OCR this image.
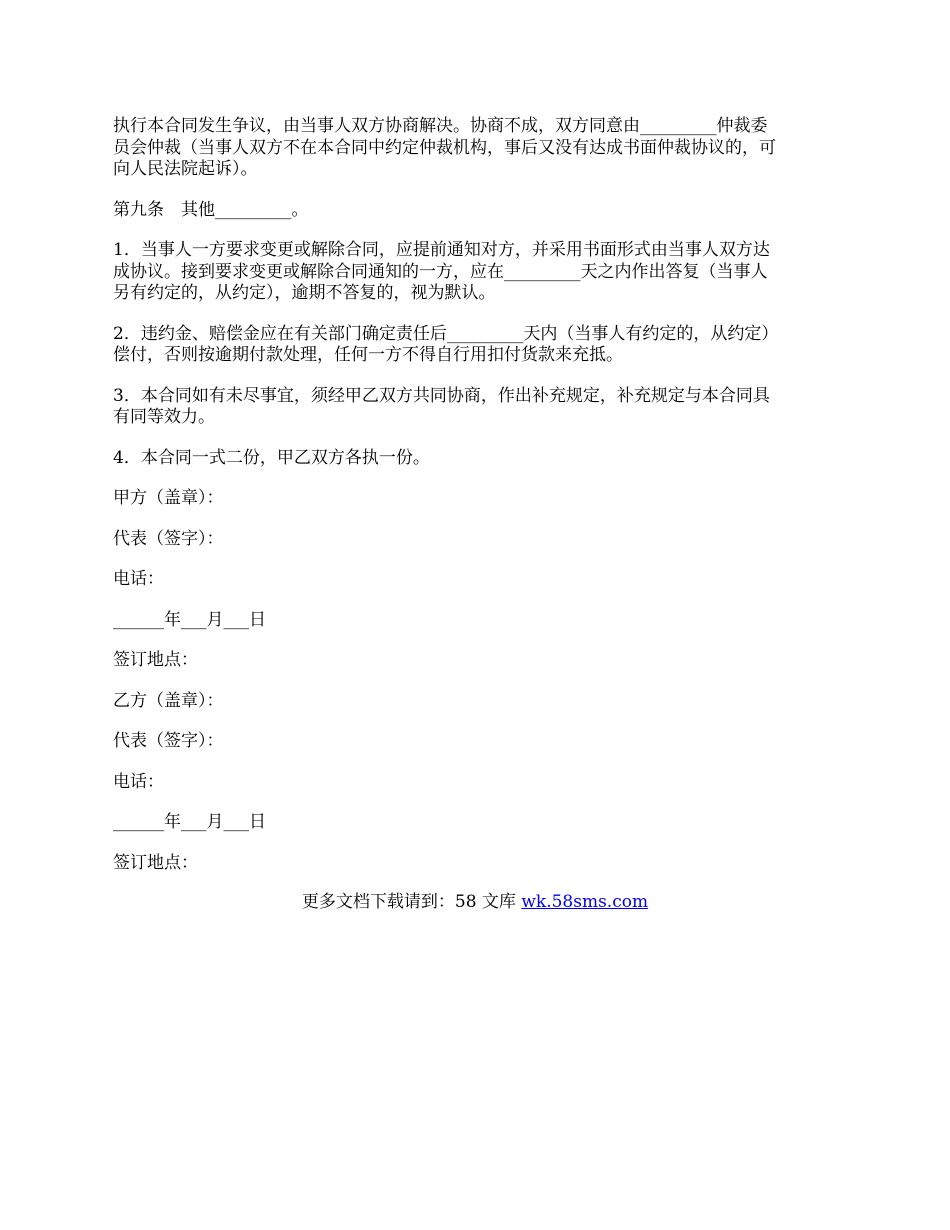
执行本合同发生争议，由当事人双方协商解决。协商不成，双方同意由_________仲裁委
员会仲裁（当事人双方不在本合同中约定仲裁机构，事后又没有达成书面仲裁协议的，可
向人民法院起诉）。

第九条　其他_________。

1．当事人一方要求变更或解除合同，应提前通知对方，并采用书面形式由当事人双方达
成协议。接到要求变更或解除合同通知的一方，应在_________天之内作出答复（当事人
另有约定的，从约定），逾期不答复的，视为默认。

2．违约金、赔偿金应在有关部门确定责任后_________天内（当事人有约定的，从约定）
偿付，否则按逾期付款处理，任何一方不得自行用扣付货款来充抵。

3．本合同如有未尽事宜，须经甲乙双方共同协商，作出补充规定，补充规定与本合同具
有同等效力。

4．本合同一式二份，甲乙双方各执一份。

甲方（盖章）：

代表（签字）：

电话：

______年___月___日

签订地点：

乙方（盖章）：

代表（签字）：

电话：

______年___月___日

签订地点：

更多文档下载请到：58 文库 wk.58sms.com
